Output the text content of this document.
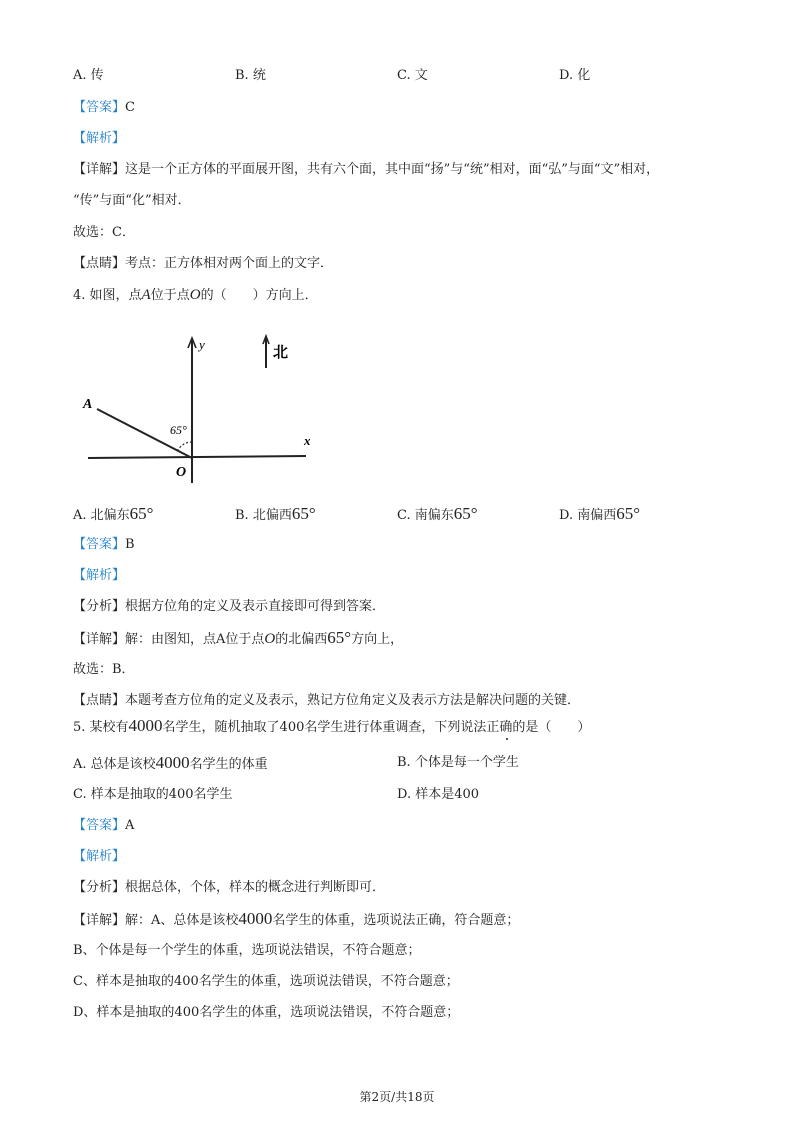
A. 传	B. 统	C. 文	D. 化
【答案】C
【解析】
【详解】这是一个正方体的平面展开图，共有六个面，其中面“扬”与“统”相对，面“弘”与面“文”相对，
“传”与面“化”相对．
故选：C．
【点睛】考点：正方体相对两个面上的文字．
4. 如图，点A位于点O的（　　）方向上．
y
x
A
O
65°
北
A. 北偏东65°	B. 北偏西65°	C. 南偏东65°	D. 南偏西65°
【答案】B
【解析】
【分析】根据方位角的定义及表示直接即可得到答案．
【详解】解：由图知，点A位于点O的北偏西65°方向上，
故选：B．
【点睛】本题考查方位角的定义及表示，熟记方位角定义及表示方法是解决问题的关键．
5. 某校有4000名学生，随机抽取了400名学生进行体重调查，下列说法正确的是（　　）
A. 总体是该校4000名学生的体重	B. 个体是每一个学生
C. 样本是抽取的400名学生	D. 样本是400
【答案】A
【解析】
【分析】根据总体，个体，样本的概念进行判断即可．
【详解】解：A、总体是该校4000名学生的体重，选项说法正确，符合题意；
B、个体是每一个学生的体重，选项说法错误，不符合题意；
C、样本是抽取的400名学生的体重，选项说法错误，不符合题意；
D、样本是抽取的400名学生的体重，选项说法错误，不符合题意；
第2页/共18页
